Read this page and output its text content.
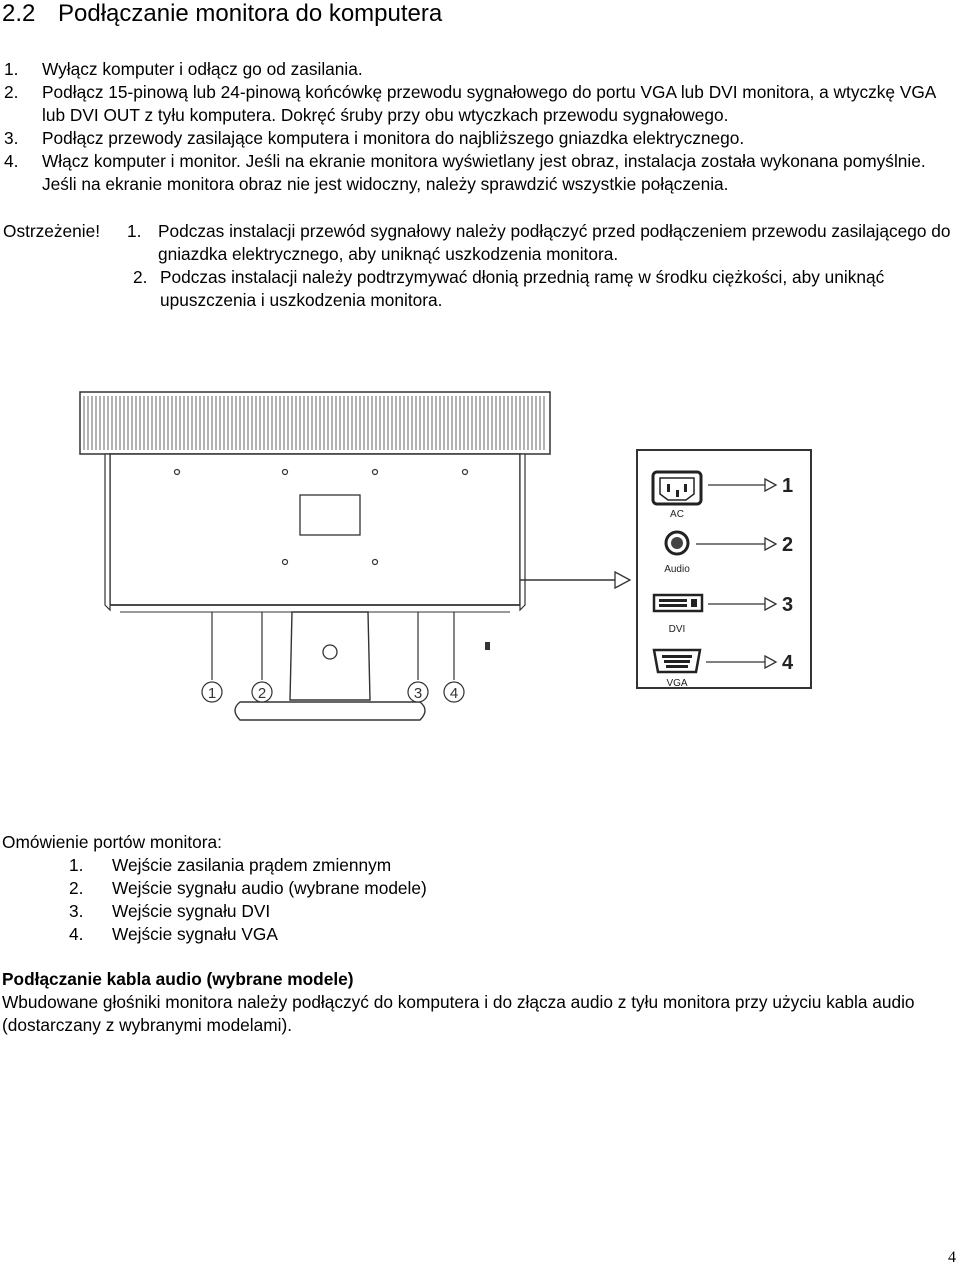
2.2 Podłączanie monitora do komputera
1. Wyłącz komputer i odłącz go od zasilania.
2. Podłącz 15-pinową lub 24-pinową końcówkę przewodu sygnałowego do portu VGA lub DVI monitora, a wtyczkę VGA lub DVI OUT z tyłu komputera. Dokręć śruby przy obu wtyczkach przewodu sygnałowego.
3. Podłącz przewody zasilające komputera i monitora do najbliższego gniazdka elektrycznego.
4. Włącz komputer i monitor. Jeśli na ekranie monitora wyświetlany jest obraz, instalacja została wykonana pomyślnie. Jeśli na ekranie monitora obraz nie jest widoczny, należy sprawdzić wszystkie połączenia.
Ostrzeżenie! 1. Podczas instalacji przewód sygnałowy należy podłączyć przed podłączeniem przewodu zasilającego do gniazdka elektrycznego, aby uniknąć uszkodzenia monitora.
2. Podczas instalacji należy podtrzymywać dłonią przednią ramę w środku ciężkości, aby uniknąć upuszczenia i uszkodzenia monitora.
1	2	3 4
AC
Audio
DVI
VGA
1
2
3
4
Omówienie portów monitora:
1. Wejście zasilania prądem zmiennym
2. Wejście sygnału audio (wybrane modele)
3. Wejście sygnału DVI
4. Wejście sygnału VGA
Podłączanie kabla audio (wybrane modele)
Wbudowane głośniki monitora należy podłączyć do komputera i do złącza audio z tyłu monitora przy użyciu kabla audio (dostarczany z wybranymi modelami).
4
